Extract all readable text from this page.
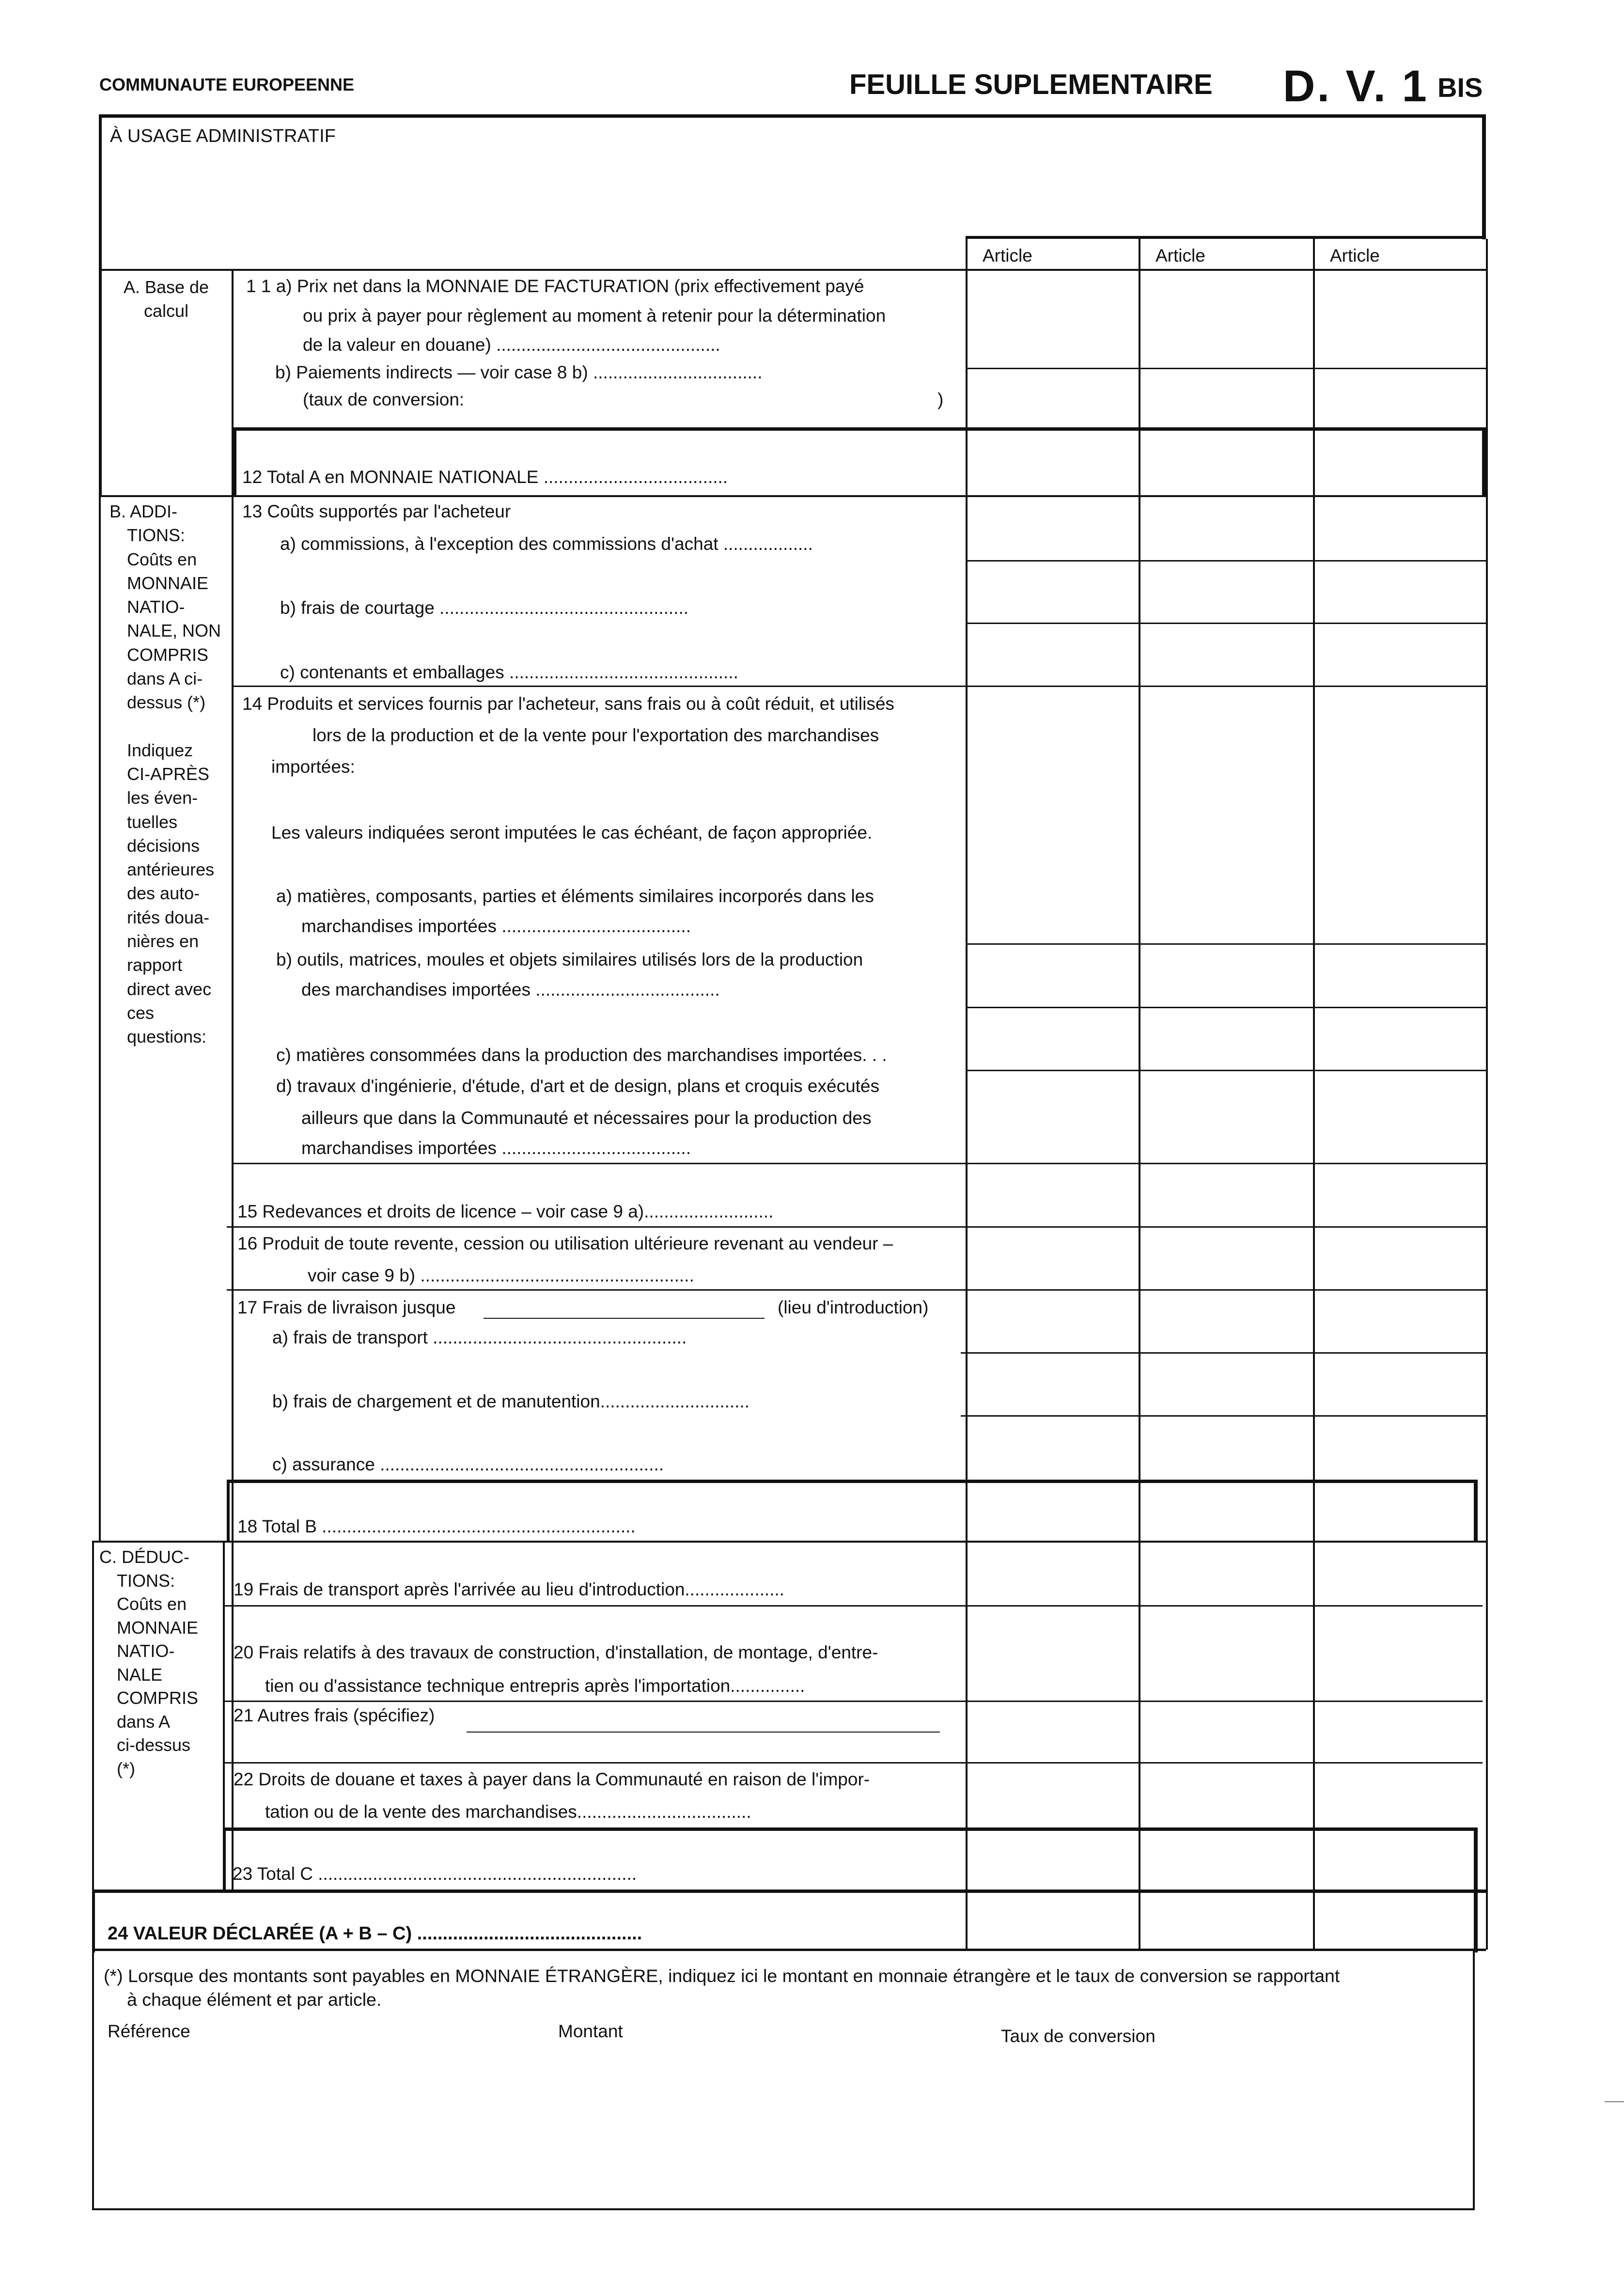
COMMUNAUTE EUROPEENNE	FEUILLE SUPLEMENTAIRE D. V. 1 BIS
À USAGE ADMINISTRATIF
Article	Article	Article
A. Base de
calcul
1 1 a) Prix net dans la MONNAIE DE FACTURATION (prix effectivement payé
ou prix à payer pour règlement au moment à retenir pour la détermination
de la valeur en douane) .............................................
b) Paiements indirects — voir case 8 b) ..................................
(taux de conversion:	)
12 Total A en MONNAIE NATIONALE .....................................
B. ADDI-
TIONS:
Coûts en
MONNAIE
NATIO-
NALE, NON
COMPRIS
dans A ci-
dessus (*)
Indiquez
CI-APRÈS
les éven-
tuelles
décisions
antérieures
des auto-
rités doua-
nières en
rapport
direct avec
ces
questions:
13 Coûts supportés par l'acheteur
a) commissions, à l'exception des commissions d'achat ..................
b) frais de courtage ..................................................
c) contenants et emballages ..............................................
14 Produits et services fournis par l'acheteur, sans frais ou à coût réduit, et utilisés
lors de la production et de la vente pour l'exportation des marchandises
importées:
Les valeurs indiquées seront imputées le cas échéant, de façon appropriée.
a) matières, composants, parties et éléments similaires incorporés dans les
marchandises importées ......................................
b) outils, matrices, moules et objets similaires utilisés lors de la production
des marchandises importées .....................................
c) matières consommées dans la production des marchandises importées. . .
d) travaux d'ingénierie, d'étude, d'art et de design, plans et croquis exécutés
ailleurs que dans la Communauté et nécessaires pour la production des
marchandises importées ......................................
15 Redevances et droits de licence – voir case 9 a)..........................
16 Produit de toute revente, cession ou utilisation ultérieure revenant au vendeur –
voir case 9 b) .......................................................
17 Frais de livraison jusque	(lieu d'introduction)
a) frais de transport ...................................................
b) frais de chargement et de manutention..............................
c) assurance .........................................................
18 Total B ...............................................................
C. DÉDUC-
TIONS:
Coûts en
MONNAIE
NATIO-
NALE
COMPRIS
dans A
ci-dessus
(*)
19 Frais de transport après l'arrivée au lieu d'introduction....................
20 Frais relatifs à des travaux de construction, d'installation, de montage, d'entre-
tien ou d'assistance technique entrepris après l'importation...............
21 Autres frais (spécifiez)
22 Droits de douane et taxes à payer dans la Communauté en raison de l'impor-
tation ou de la vente des marchandises...................................
23 Total C ................................................................
24 VALEUR DÉCLARÉE (A + B – C) ............................................
(*) Lorsque des montants sont payables en MONNAIE ÉTRANGÈRE, indiquez ici le montant en monnaie étrangère et le taux de conversion se rapportant
à chaque élément et par article.
Référence	Montant	Taux de conversion
